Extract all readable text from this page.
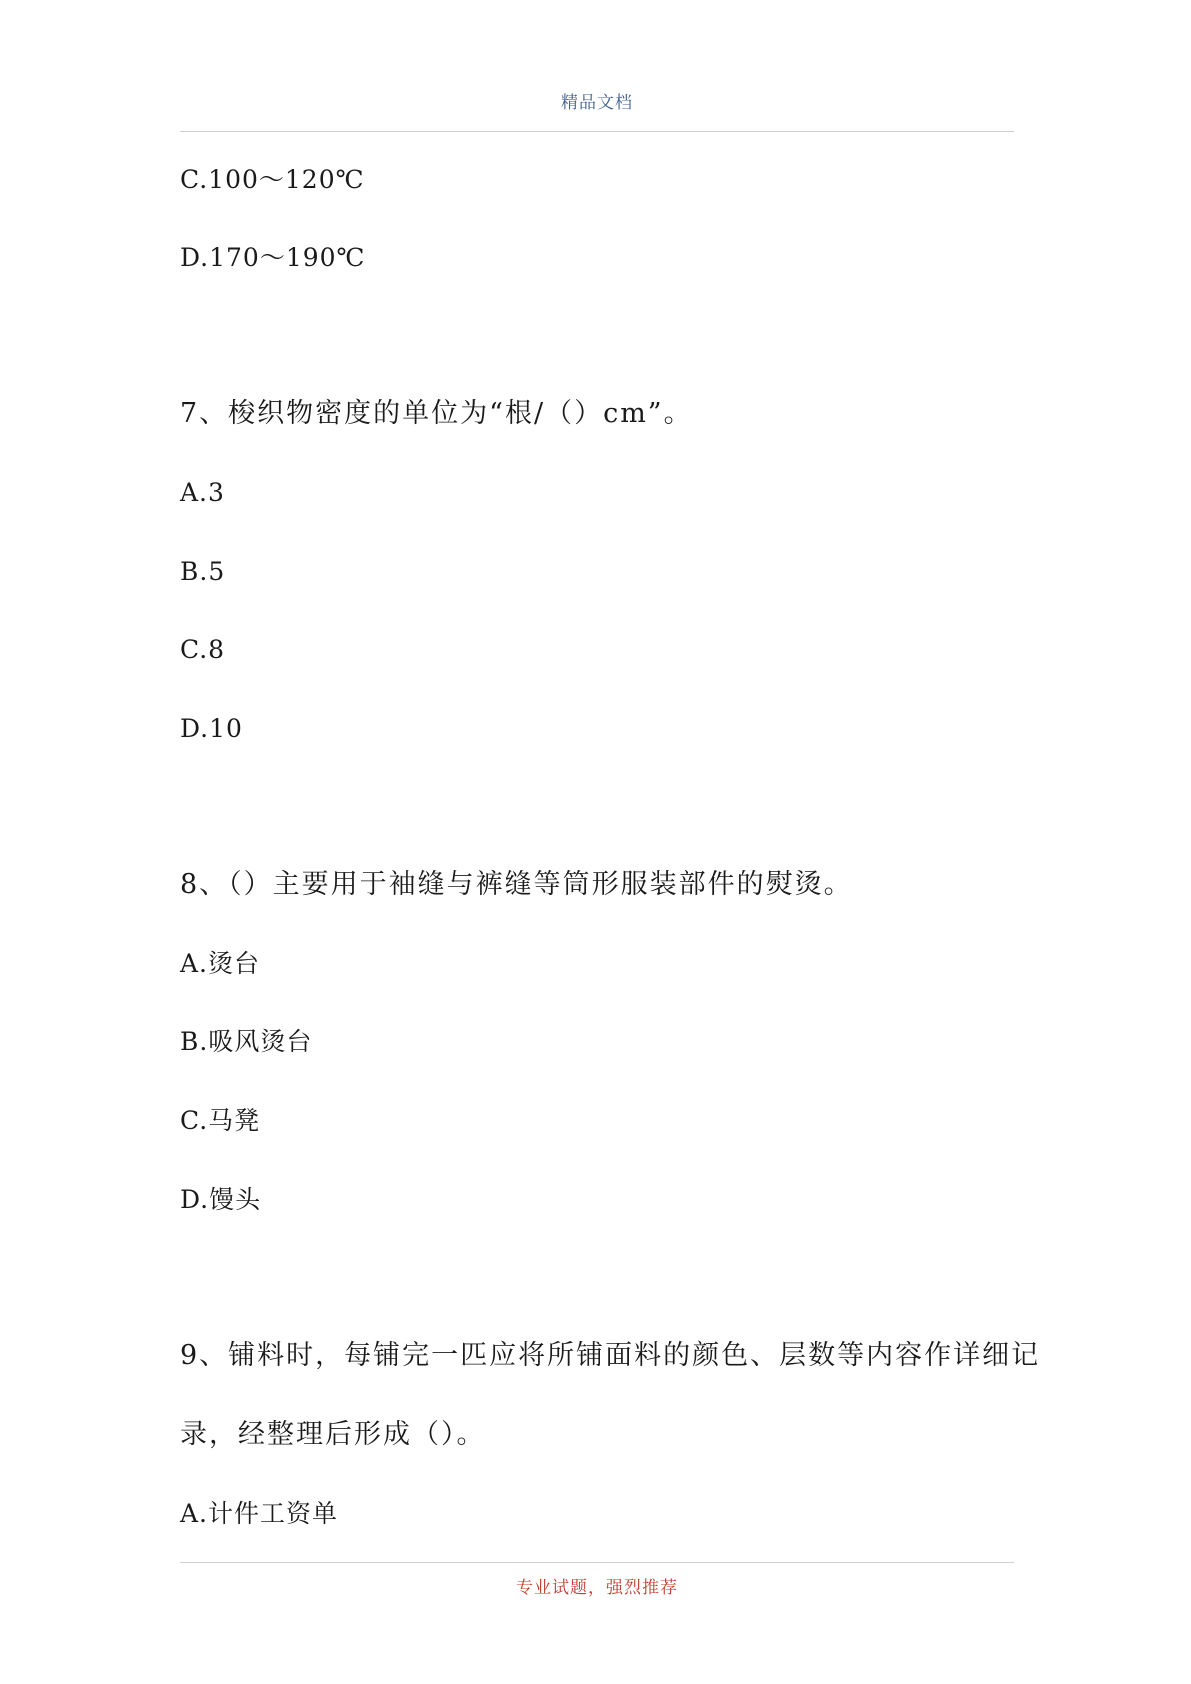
精品文档
C.100～120℃
D.170～190℃
7、梭织物密度的单位为“根/（）cm”。
A.3
B.5
C.8
D.10
8、（）主要用于袖缝与裤缝等筒形服装部件的熨烫。
A.烫台
B.吸风烫台
C.马凳
D.馒头
9、铺料时，每铺完一匹应将所铺面料的颜色、层数等内容作详细记
录，经整理后形成（）。
A.计件工资单
专业试题，强烈推荐
